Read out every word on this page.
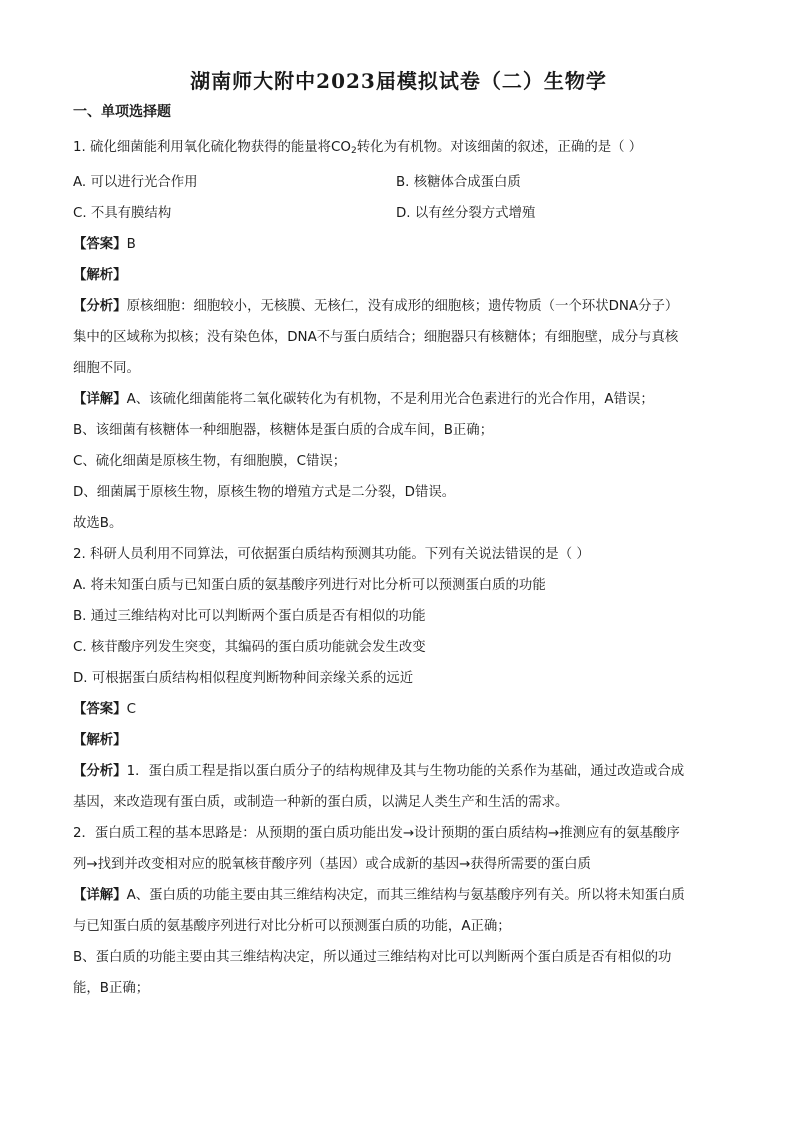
湖南师大附中2023届模拟试卷（二）生物学
一、单项选择题
1. 硫化细菌能利用氧化硫化物获得的能量将$CO_2$转化为有机物。对该细菌的叙述，正确的是（ ）
A. 可以进行光合作用	B. 核糖体合成蛋白质
C. 不具有膜结构	D. 以有丝分裂方式增殖
【答案】B
【解析】
【分析】原核细胞：细胞较小，无核膜、无核仁，没有成形的细胞核；遗传物质（一个环状DNA分子）
集中的区域称为拟核；没有染色体，DNA不与蛋白质结合；细胞器只有核糖体；有细胞壁，成分与真核
细胞不同。
【详解】A、该硫化细菌能将二氧化碳转化为有机物，不是利用光合色素进行的光合作用，A错误；
B、该细菌有核糖体一种细胞器，核糖体是蛋白质的合成车间，B正确；
C、硫化细菌是原核生物，有细胞膜，C错误；
D、细菌属于原核生物，原核生物的增殖方式是二分裂，D错误。
故选B。
2. 科研人员利用不同算法，可依据蛋白质结构预测其功能。下列有关说法错误的是（ ）
A. 将未知蛋白质与已知蛋白质的氨基酸序列进行对比分析可以预测蛋白质的功能
B. 通过三维结构对比可以判断两个蛋白质是否有相似的功能
C. 核苷酸序列发生突变，其编码的蛋白质功能就会发生改变
D. 可根据蛋白质结构相似程度判断物种间亲缘关系的远近
【答案】C
【解析】
【分析】1．蛋白质工程是指以蛋白质分子的结构规律及其与生物功能的关系作为基础，通过改造或合成
基因，来改造现有蛋白质，或制造一种新的蛋白质，以满足人类生产和生活的需求。
2．蛋白质工程的基本思路是：从预期的蛋白质功能出发→设计预期的蛋白质结构→推测应有的氨基酸序
列→找到并改变相对应的脱氧核苷酸序列（基因）或合成新的基因→获得所需要的蛋白质
【详解】A、蛋白质的功能主要由其三维结构决定，而其三维结构与氨基酸序列有关。所以将未知蛋白质
与已知蛋白质的氨基酸序列进行对比分析可以预测蛋白质的功能，A正确；
B、蛋白质的功能主要由其三维结构决定，所以通过三维结构对比可以判断两个蛋白质是否有相似的功
能，B正确；
